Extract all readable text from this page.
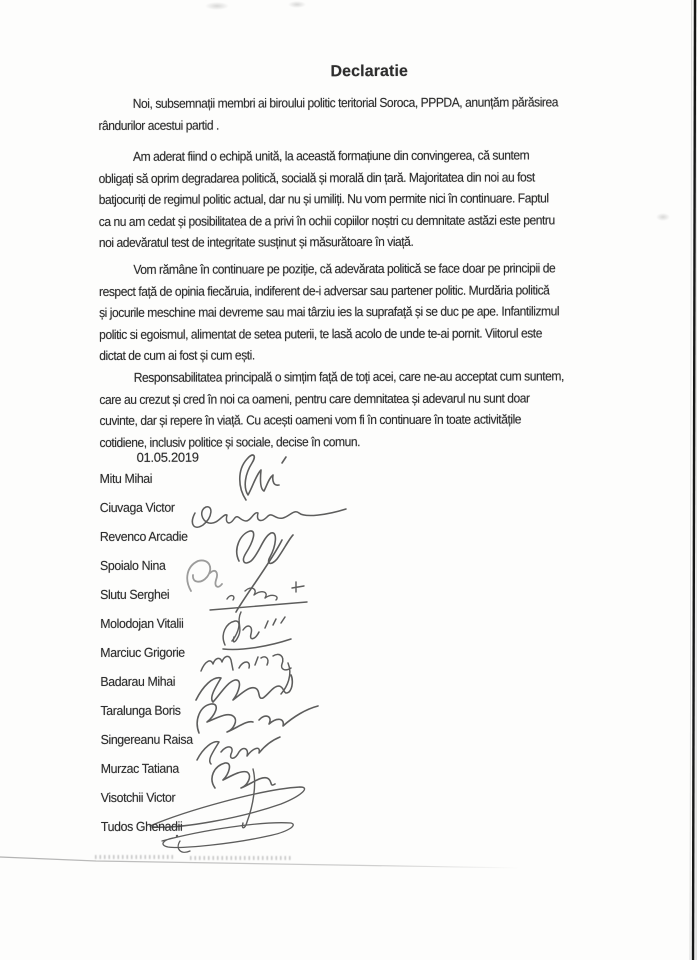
Declaratie
Noi, subsemnații membri ai biroului politic teritorial Soroca, PPPDA, anunțăm părăsirea
rândurilor acestui partid .
Am aderat fiind o echipă unită, la această formațiune din convingerea, că suntem
obligați să oprim degradarea politică, socială și morală din țară. Majoritatea din noi au fost
batjocuriți de regimul politic actual, dar nu și umiliți. Nu vom permite nici în continuare. Faptul
ca nu am cedat și posibilitatea de a privi în ochii copiilor noștri cu demnitate astăzi este pentru
noi adevăratul test de integritate susținut și măsurătoare în viață.
Vom rămâne în continuare pe poziție, că adevărata politică se face doar pe principii de
respect față de opinia fiecăruia, indiferent de-i adversar sau partener politic. Murdăria politică
și jocurile meschine mai devreme sau mai târziu ies la suprafață și se duc pe ape. Infantilizmul
politic si egoismul, alimentat de setea puterii, te lasă acolo de unde te-ai pornit. Viitorul este
dictat de cum ai fost și cum ești.
Responsabilitatea principală o simțim față de toți acei, care ne-au acceptat cum suntem,
care au crezut și cred în noi ca oameni, pentru care demnitatea și adevarul nu sunt doar
cuvinte, dar și repere în viață. Cu acești oameni vom fi în continuare în toate activitățile
cotidiene, inclusiv politice și sociale, decise în comun.
01.05.2019
Mitu Mihai
Ciuvaga Victor
Revenco Arcadie
Spoialo Nina
Slutu Serghei
Molodojan Vitalii
Marciuc Grigorie
Badarau Mihai
Taralunga Boris
Singereanu Raisa
Murzac Tatiana
Visotchii Victor
Tudos Ghenadii
